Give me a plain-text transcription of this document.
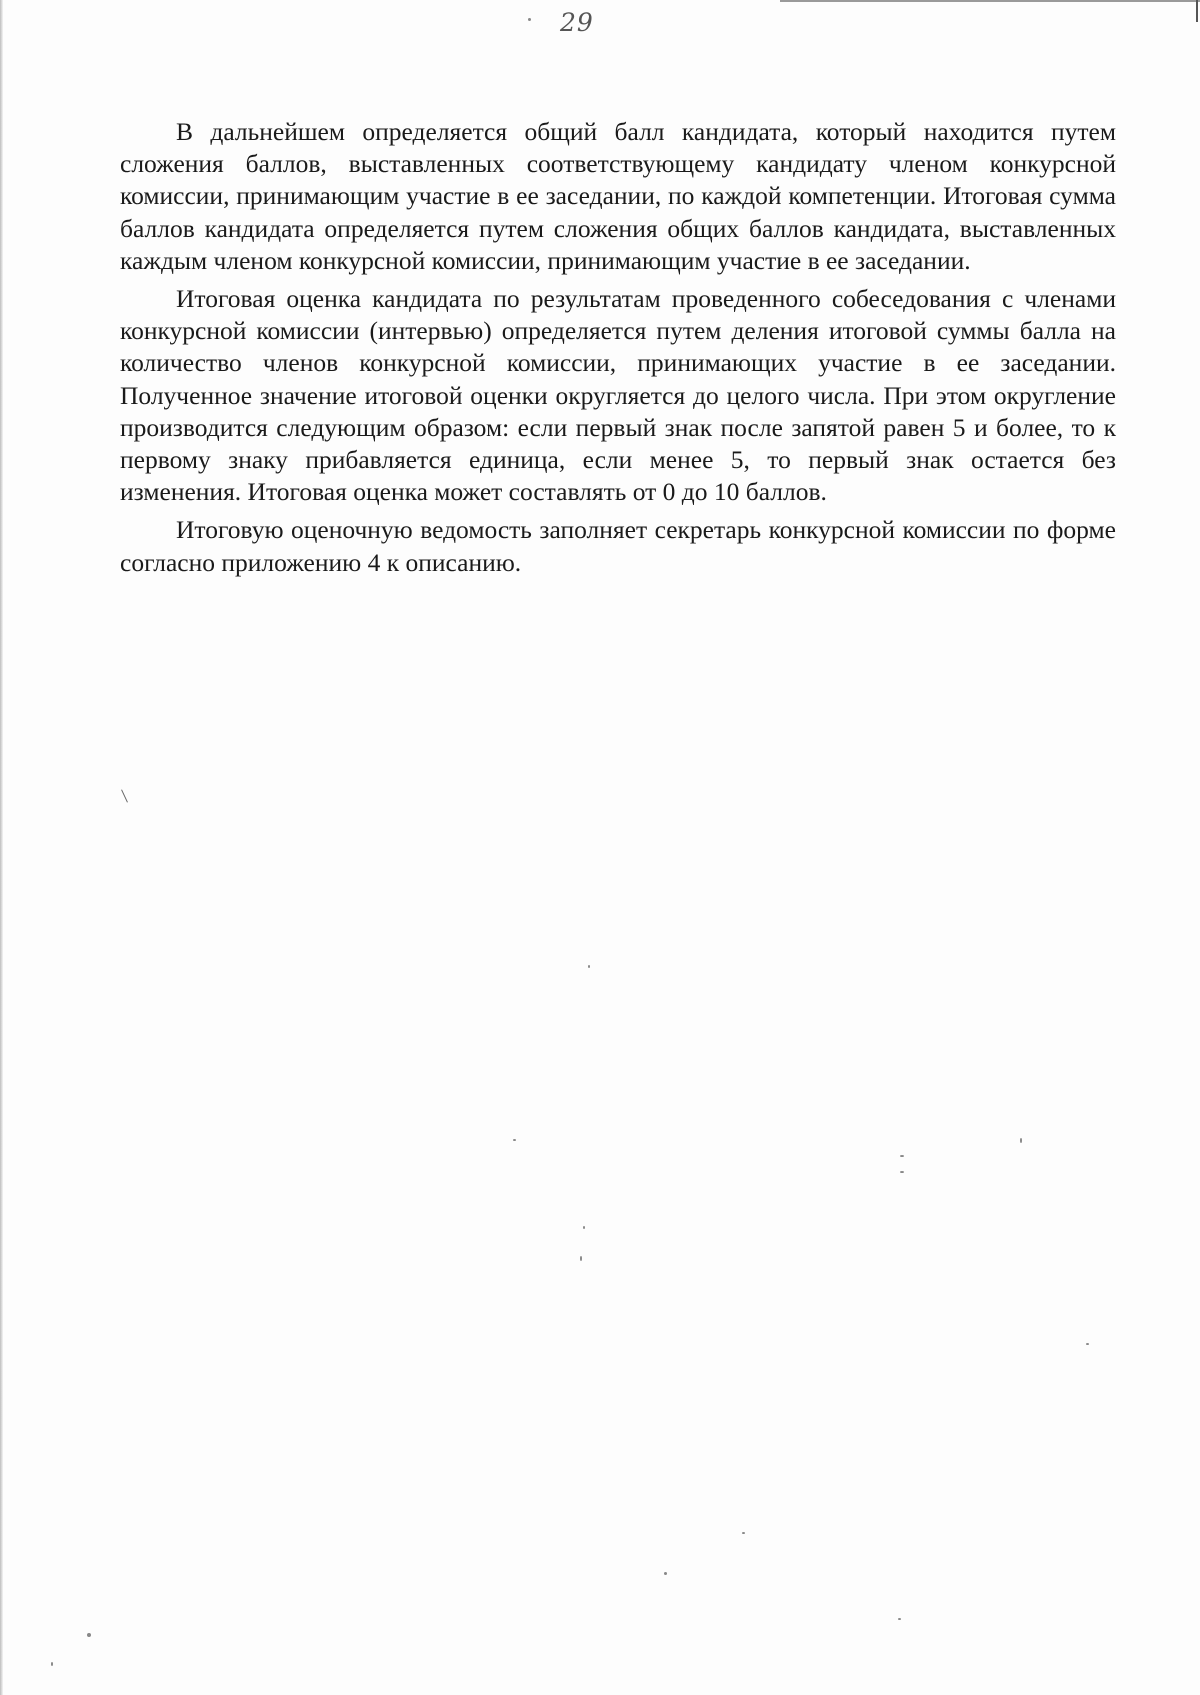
29

В дальнейшем определяется общий балл кандидата, который находится путем сложения баллов, выставленных соответствующему кандидату членом конкурсной комиссии, принимающим участие в ее заседании, по каждой компетенции. Итоговая сумма баллов кандидата определяется путем сложения общих баллов кандидата, выставленных каждым членом конкурсной комиссии, принимающим участие в ее заседании.

Итоговая оценка кандидата по результатам проведенного собеседования с членами конкурсной комиссии (интервью) определяется путем деления итоговой суммы балла на количество членов конкурсной комиссии, принимающих участие в ее заседании. Полученное значение итоговой оценки округляется до целого числа. При этом округление производится следующим образом: если первый знак после запятой равен 5 и более, то к первому знаку прибавляется единица, если менее 5, то первый знак остается без изменения. Итоговая оценка может составлять от 0 до 10 баллов.

Итоговую оценочную ведомость заполняет секретарь конкурсной комиссии по форме согласно приложению 4 к описанию.
